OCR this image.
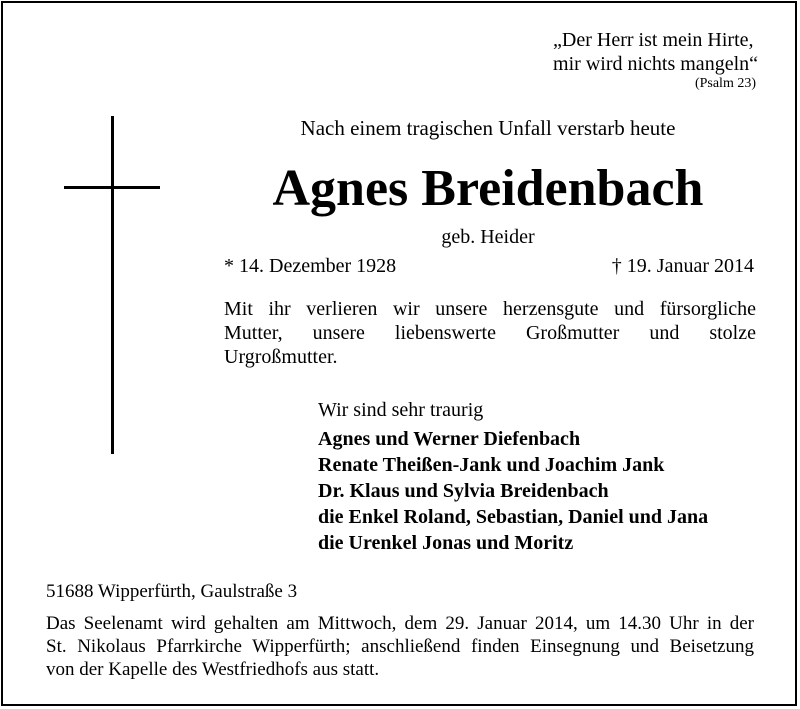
„Der Herr ist mein Hirte,
mir wird nichts mangeln“
(Psalm 23)
Nach einem tragischen Unfall verstarb heute
Agnes Breidenbach
geb. Heider
* 14. Dezember 1928	† 19. Januar 2014

Mit ihr verlieren wir unsere herzensgute und fürsorgliche

Mutter, unsere liebenswerte Großmutter und stolze

Urgroßmutter.

Wir sind sehr traurig
Agnes und Werner Diefenbach
Renate Theißen-Jank und Joachim Jank
Dr. Klaus und Sylvia Breidenbach
die Enkel Roland, Sebastian, Daniel und Jana
die Urenkel Jonas und Moritz
51688 Wipperfürth, Gaulstraße 3

Das Seelenamt wird gehalten am Mittwoch, dem 29. Januar 2014, um 14.30 Uhr in der

St. Nikolaus Pfarrkirche Wipperfürth; anschließend finden Einsegnung und Beisetzung

von der Kapelle des Westfriedhofs aus statt.
